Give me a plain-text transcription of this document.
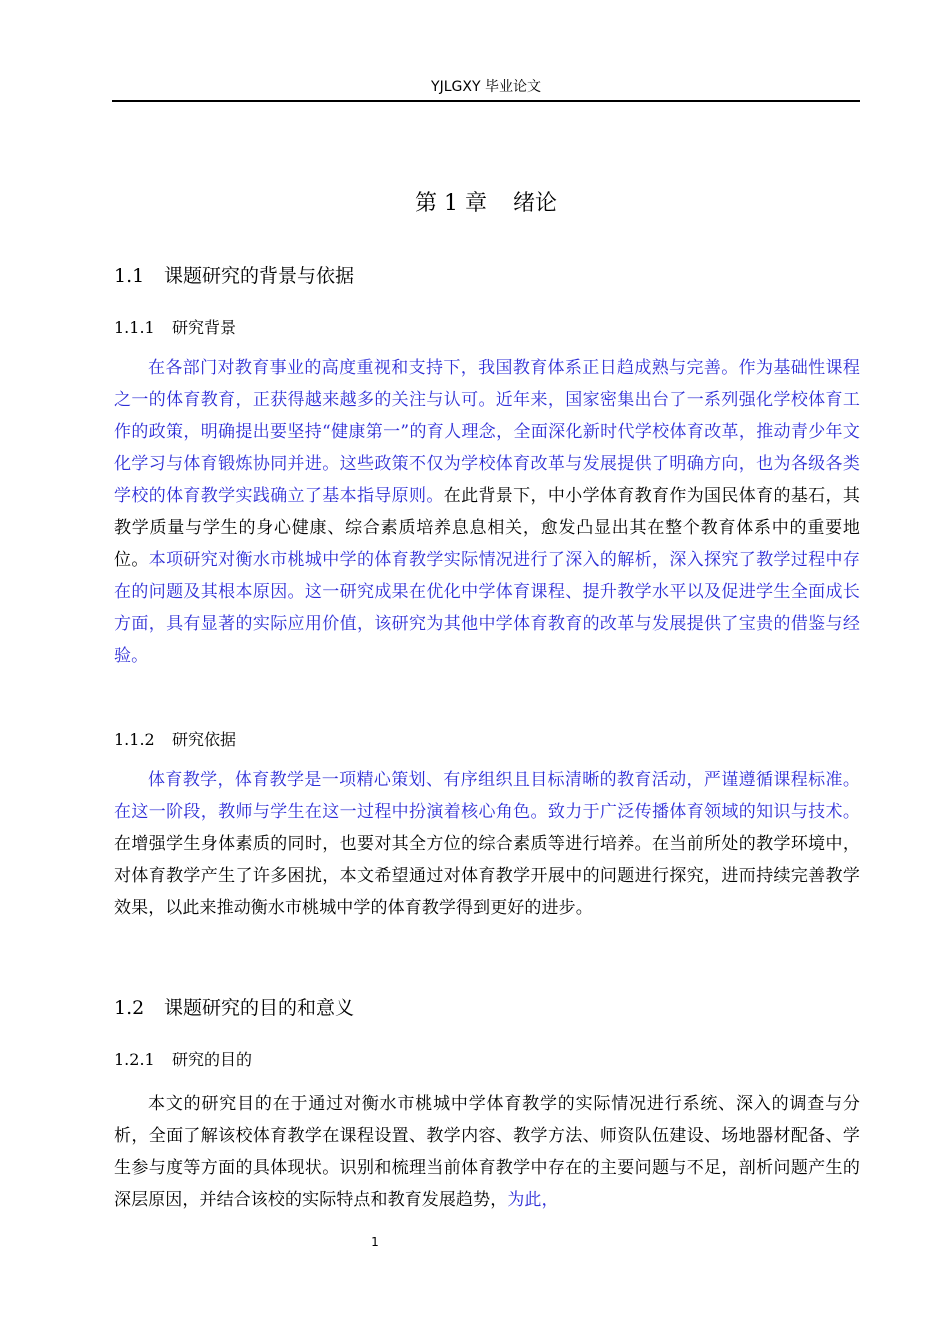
YJLGXY 毕业论文
第 1 章 绪论
1.1 课题研究的背景与依据
1.1.1 研究背景
在各部门对教育事业的高度重视和支持下，我国教育体系正日趋成熟与完善。作为基础性课程之一的体育教育，正获得越来越多的关注与认可。近年来，国家密集出台了一系列强化学校体育工作的政策，明确提出要坚持“健康第一”的育人理念，全面深化新时代学校体育改革，推动青少年文化学习与体育锻炼协同并进。这些政策不仅为学校体育改革与发展提供了明确方向，也为各级各类学校的体育教学实践确立了基本指导原则。在此背景下，中小学体育教育作为国民体育的基石，其教学质量与学生的身心健康、综合素质培养息息相关，愈发凸显出其在整个教育体系中的重要地位。本项研究对衡水市桃城中学的体育教学实际情况进行了深入的解析，深入探究了教学过程中存在的问题及其根本原因。这一研究成果在优化中学体育课程、提升教学水平以及促进学生全面成长方面，具有显著的实际应用价值，该研究为其他中学体育教育的改革与发展提供了宝贵的借鉴与经验。
1.1.2 研究依据
体育教学，体育教学是一项精心策划、有序组织且目标清晰的教育活动，严谨遵循课程标准。在这一阶段，教师与学生在这一过程中扮演着核心角色。致力于广泛传播体育领域的知识与技术。在增强学生身体素质的同时，也要对其全方位的综合素质等进行培养。在当前所处的教学环境中，对体育教学产生了许多困扰，本文希望通过对体育教学开展中的问题进行探究，进而持续完善教学效果，以此来推动衡水市桃城中学的体育教学得到更好的进步。
1.2 课题研究的目的和意义
1.2.1 研究的目的
本文的研究目的在于通过对衡水市桃城中学体育教学的实际情况进行系统、深入的调查与分析，全面了解该校体育教学在课程设置、教学内容、教学方法、师资队伍建设、场地器材配备、学生参与度等方面的具体现状。识别和梳理当前体育教学中存在的主要问题与不足，剖析问题产生的深层原因，并结合该校的实际特点和教育发展趋势，为此，
1
